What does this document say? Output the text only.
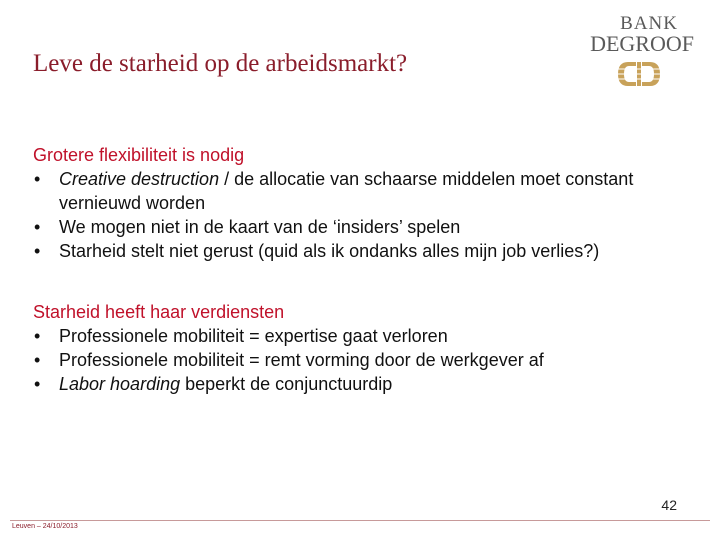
Leve de starheid op de arbeidsmarkt?
BANK
DEGROOF
Grotere flexibiliteit is nodig
• Creative destruction / de allocatie van schaarse middelen moet constant vernieuwd worden
• We mogen niet in de kaart van de ‘insiders’ spelen
• Starheid stelt niet gerust (quid als ik ondanks alles mijn job verlies?)
Starheid heeft haar verdiensten
• Professionele mobiliteit = expertise gaat verloren
• Professionele mobiliteit = remt vorming door de werkgever af
• Labor hoarding beperkt de conjunctuurdip
42
Leuven – 24/10/2013
